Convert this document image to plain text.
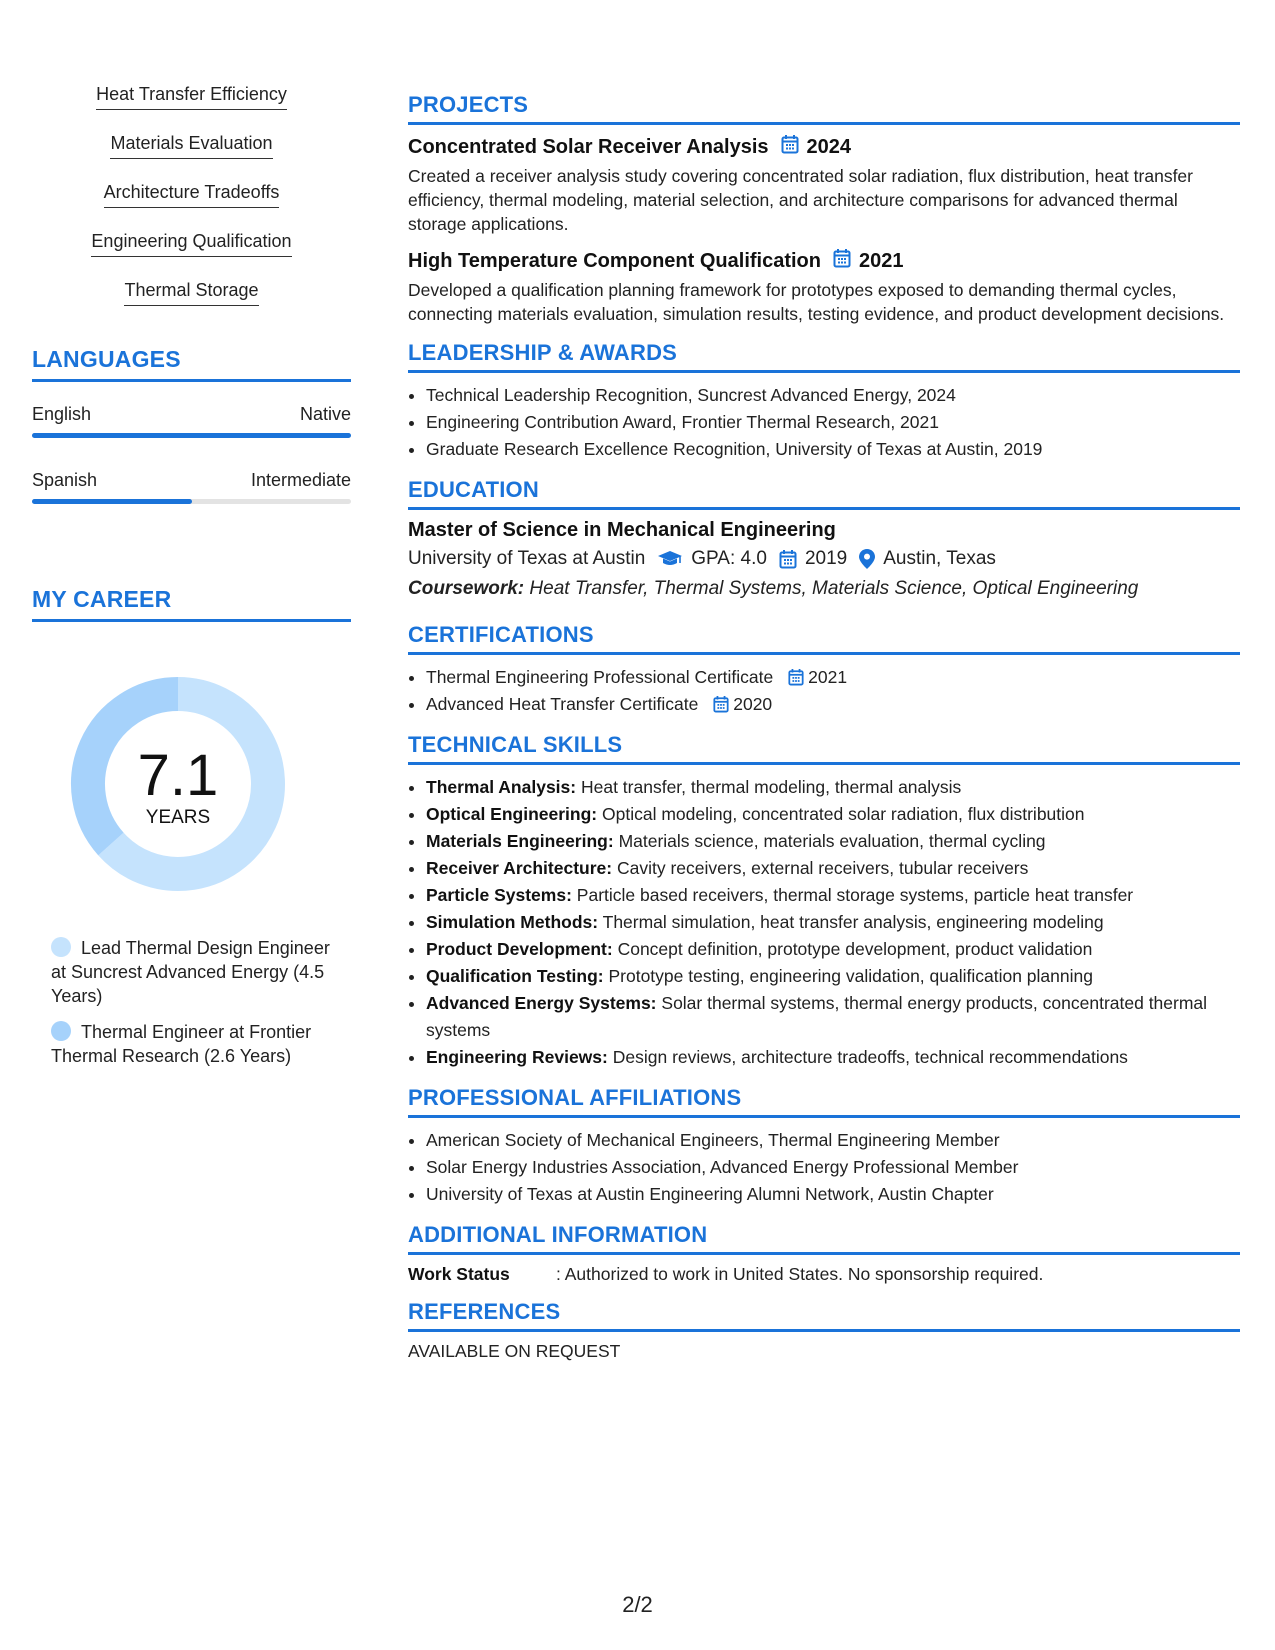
Heat Transfer Efficiency
Materials Evaluation
Architecture Tradeoffs
Engineering Qualification
Thermal Storage
LANGUAGES
English	Native
Spanish	Intermediate
MY CAREER
7.1
YEARS
Lead Thermal Design Engineer at Suncrest Advanced Energy (4.5 Years)
Thermal Engineer at Frontier Thermal Research (2.6 Years)
PROJECTS
Concentrated Solar Receiver Analysis 2024
Created a receiver analysis study covering concentrated solar radiation, flux distribution, heat transfer efficiency, thermal modeling, material selection, and architecture comparisons for advanced thermal storage applications.
High Temperature Component Qualification 2021
Developed a qualification planning framework for prototypes exposed to demanding thermal cycles, connecting materials evaluation, simulation results, testing evidence, and product development decisions.
LEADERSHIP & AWARDS
• Technical Leadership Recognition, Suncrest Advanced Energy, 2024
• Engineering Contribution Award, Frontier Thermal Research, 2021
• Graduate Research Excellence Recognition, University of Texas at Austin, 2019
EDUCATION
Master of Science in Mechanical Engineering
University of Texas at Austin GPA: 4.0 2019 Austin, Texas
Coursework: Heat Transfer, Thermal Systems, Materials Science, Optical Engineering
CERTIFICATIONS
• Thermal Engineering Professional Certificate 2021
• Advanced Heat Transfer Certificate 2020
TECHNICAL SKILLS
• Thermal Analysis: Heat transfer, thermal modeling, thermal analysis
• Optical Engineering: Optical modeling, concentrated solar radiation, flux distribution
• Materials Engineering: Materials science, materials evaluation, thermal cycling
• Receiver Architecture: Cavity receivers, external receivers, tubular receivers
• Particle Systems: Particle based receivers, thermal storage systems, particle heat transfer
• Simulation Methods: Thermal simulation, heat transfer analysis, engineering modeling
• Product Development: Concept definition, prototype development, product validation
• Qualification Testing: Prototype testing, engineering validation, qualification planning
• Advanced Energy Systems: Solar thermal systems, thermal energy products, concentrated thermal systems
• Engineering Reviews: Design reviews, architecture tradeoffs, technical recommendations
PROFESSIONAL AFFILIATIONS
• American Society of Mechanical Engineers, Thermal Engineering Member
• Solar Energy Industries Association, Advanced Energy Professional Member
• University of Texas at Austin Engineering Alumni Network, Austin Chapter
ADDITIONAL INFORMATION
Work Status	: Authorized to work in United States. No sponsorship required.
REFERENCES
AVAILABLE ON REQUEST
2/2
